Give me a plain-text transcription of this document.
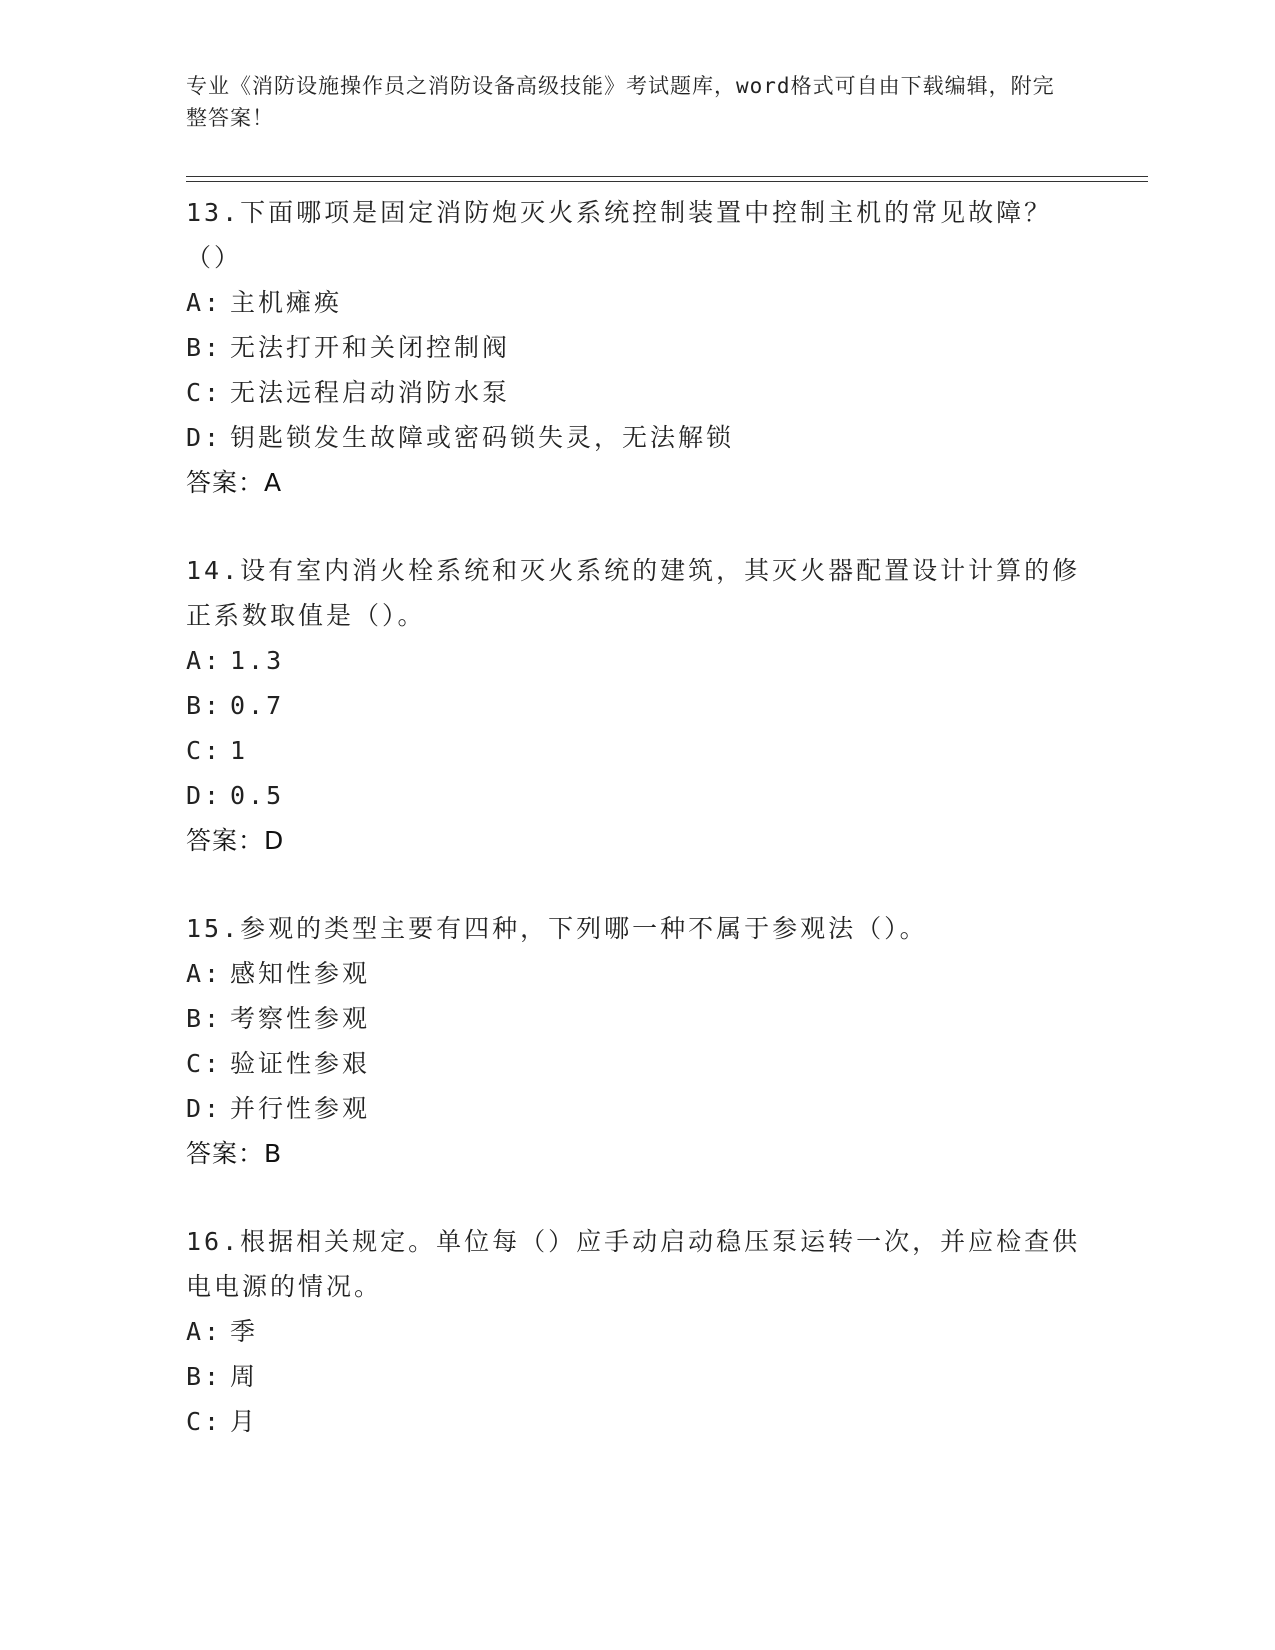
专业《消防设施操作员之消防设备高级技能》考试题库，word格式可自由下载编辑，附完整答案！
13.下面哪项是固定消防炮灭火系统控制装置中控制主机的常见故障？（）
A: 主机瘫痪
B: 无法打开和关闭控制阀
C: 无法远程启动消防水泵
D: 钥匙锁发生故障或密码锁失灵，无法解锁
答案：A
14.设有室内消火栓系统和灭火系统的建筑，其灭火器配置设计计算的修正系数取值是（）。
A: 1.3
B: 0.7
C: 1
D: 0.5
答案：D
15.参观的类型主要有四种，下列哪一种不属于参观法（）。
A: 感知性参观
B: 考察性参观
C: 验证性参艰
D: 并行性参观
答案：B
16.根据相关规定。单位每（）应手动启动稳压泵运转一次，并应检查供电电源的情况。
A: 季
B: 周
C: 月
